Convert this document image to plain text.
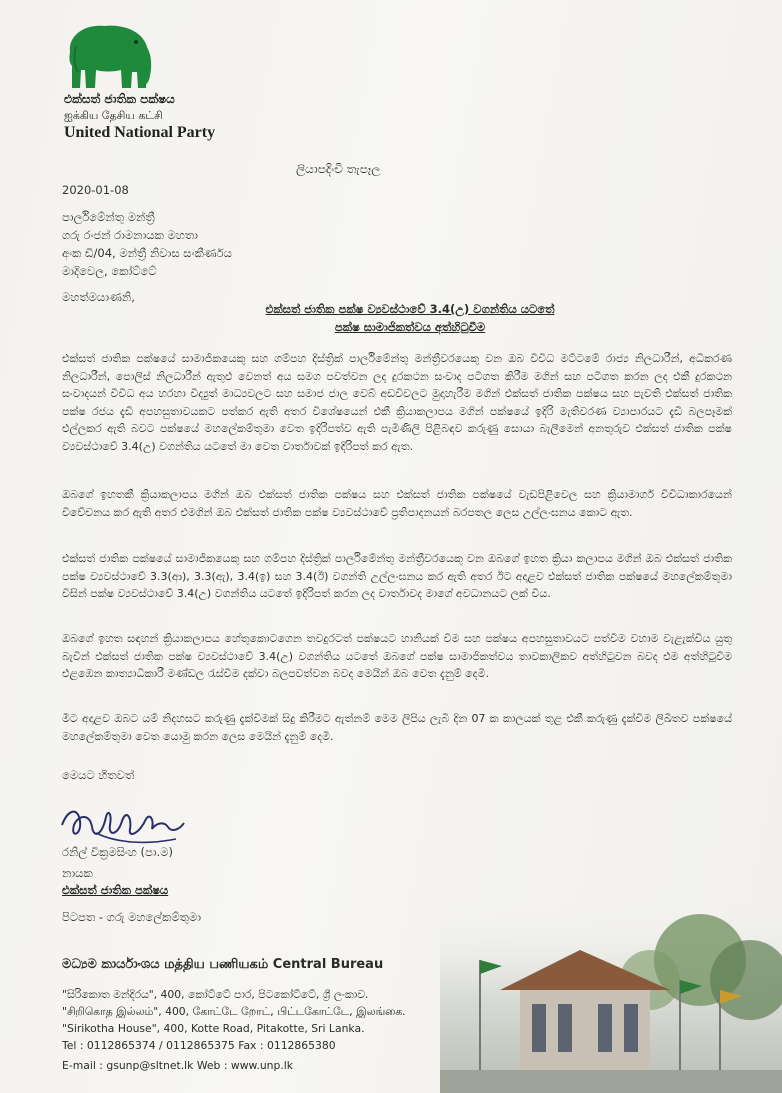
එක්සත් ජාතික පක්ෂය
ஐக்கிய தேசிய கட்சி
United National Party
ලියාපදිංචි තැපෑල
2020-01-08
පාර්ලිමේන්තු මන්ත්‍රී
ගරු රංජන් රාමනායක මහතා
අංක ඩී/04, මන්ත්‍රී නිවාස සංකීර්ණය
මාදිවෙල, කෝට්ටේ
මහත්මයාණනි,
එක්සත් ජාතික පක්ෂ ව්‍යවස්ථාවේ 3.4(උ) වගන්තිය යටතේ
පක්ෂ සාමාජිකත්වය අත්හිටුවීම
එක්සත් ජාතික පක්ෂයේ සාමාජිකයෙකු සහ ගම්පහ දිස්ත්‍රික් පාර්ලිමේන්තු මන්ත්‍රීවරයෙකු වන ඔබ විවිධ මට්ටමේ රාජ්‍ය නිලධාරීන්, අධිකරණ නිලධාරීන්, පොලිස් නිලධාරීන් ඇතුළු වෙනත් අය සමග පවත්වන ලද දුරකථන සංවාද පටිගත කිරීම මගින් සහ පටිගත කරන ලද එකී දුරකථන සංවාදයන් විවිධ අය හරහා විද්‍යුත් මාධ්‍යවලට සහ සමාජ ජාල වෙබ් අඩවිවලට මුදාහැරීම මගින් එක්සත් ජාතික පක්ෂය සහ පැවති එක්සත් ජාතික පක්ෂ රජය දැඩි අපහසුතාවයකට පත්කර ඇති අතර විශේෂයෙන් එකී ක්‍රියාකලාපය මගින් පක්ෂයේ ඉදිරි මැතිවරණ ව්‍යාපාරයට දැඩි බලපෑමක් එල්ලකර ඇති බවට පක්ෂයේ මහලේකම්තුමා වෙත ඉදිරිපත්ව ඇති පැමිණිලි පිළිබඳව කරුණු සොයා බැලීමෙන් අනතුරුව එක්සත් ජාතික පක්ෂ ව්‍යවස්ථාවේ 3.4(උ) වගන්තිය යටතේ මා වෙත වාර්තාවක් ඉදිරිපත් කර ඇත.
ඔබගේ ඉහතකී ක්‍රියාකලාපය මගින් ඔබ එක්සත් ජාතික පක්ෂය සහ එක්සත් ජාතික පක්ෂයේ වැඩපිළිවෙල සහ ක්‍රියාමාර්ග විවිධාකාරයෙන් විවේචනය කර ඇති අතර එමගින් ඔබ එක්සත් ජාතික පක්ෂ ව්‍යවස්ථාවේ ප්‍රතිපාදනයන් බරපතල ලෙස උල්ලංඝනය කොට ඇත.
එක්සත් ජාතික පක්ෂයේ සාමාජිකයෙකු සහ ගම්පහ දිස්ත්‍රික් පාර්ලිමේන්තු මන්ත්‍රීවරයෙකු වන ඔබගේ ඉහත ක්‍රියා කලාපය මගින් ඔබ එක්සත් ජාතික පක්ෂ ව්‍යවස්ථාවේ 3.3(ආ), 3.3(ඇ), 3.4(ඉ) සහ 3.4(ඊ) වගන්ති උල්ලංඝනය කර ඇති අතර ඊට අදාළව එක්සත් ජාතික පක්ෂයේ මහලේකම්තුමා විසින් පක්ෂ ව්‍යවස්ථාවේ 3.4(උ) වගන්තිය යටතේ ඉදිරිපත් කරන ලද වාර්තාවද මාගේ අවධානයට ලක් විය.
ඔබගේ ඉහත සඳහන් ක්‍රියාකලාපය හේතුකොටගෙන තවදුරටත් පක්ෂයට හානියක් වීම සහ පක්ෂය අපහසුතාවයට පත්වීම වහාම වැළැක්විය යුතු බැවින් එක්සත් ජාතික පක්ෂ ව්‍යවස්ථාවේ 3.4(උ) වගන්තිය යටතේ ඔබගේ පක්ෂ සාමාජිකත්වය තාවකාලිකව අත්හිටුවන බවද එම අත්හිටුවීම එළඹෙන කාත්‍යාධිකාරී මණ්ඩල රැස්වීම දක්වා බලපවත්වන බවද මෙයින් ඔබ වෙත දැනුම් දෙමි.
මීට අදාළව ඔබට යම් නිදහසට කරුණු දැක්වීමක් සිදු කිරීමට ඇත්නම් මෙම ලිපිය ලැබී දින 07 ක කාලයක් තුළ එකී කරුණු දැක්වීම ලිඛිතව පක්ෂයේ මහලේකම්තුමා වෙත යොමු කරන ලෙස මෙයින් දැනුම් දෙමි.
මෙයට හිතවත්
රනිල් වික්‍රමසිංහ (පා.ම)
නායක
එක්සත් ජාතික පක්ෂය
පිටපත - ගරු මහලේකම්තුමා
මධ්‍යම කාර්යාංශය மத்திய பணியகம் Central Bureau
"සිරිකොත මන්දිරය", 400, කෝට්ටේ පාර, පිටකෝට්ටේ, ශ්‍රී ලංකාව.
"சிறிகொத இல்லம்", 400, கோட்டே றோட், பிட்டகோட்டே, இலங்கை.
"Sirikotha House", 400, Kotte Road, Pitakotte, Sri Lanka.
Tel : 0112865374 / 0112865375 Fax : 0112865380
E-mail : gsunp@sltnet.lk Web : www.unp.lk
